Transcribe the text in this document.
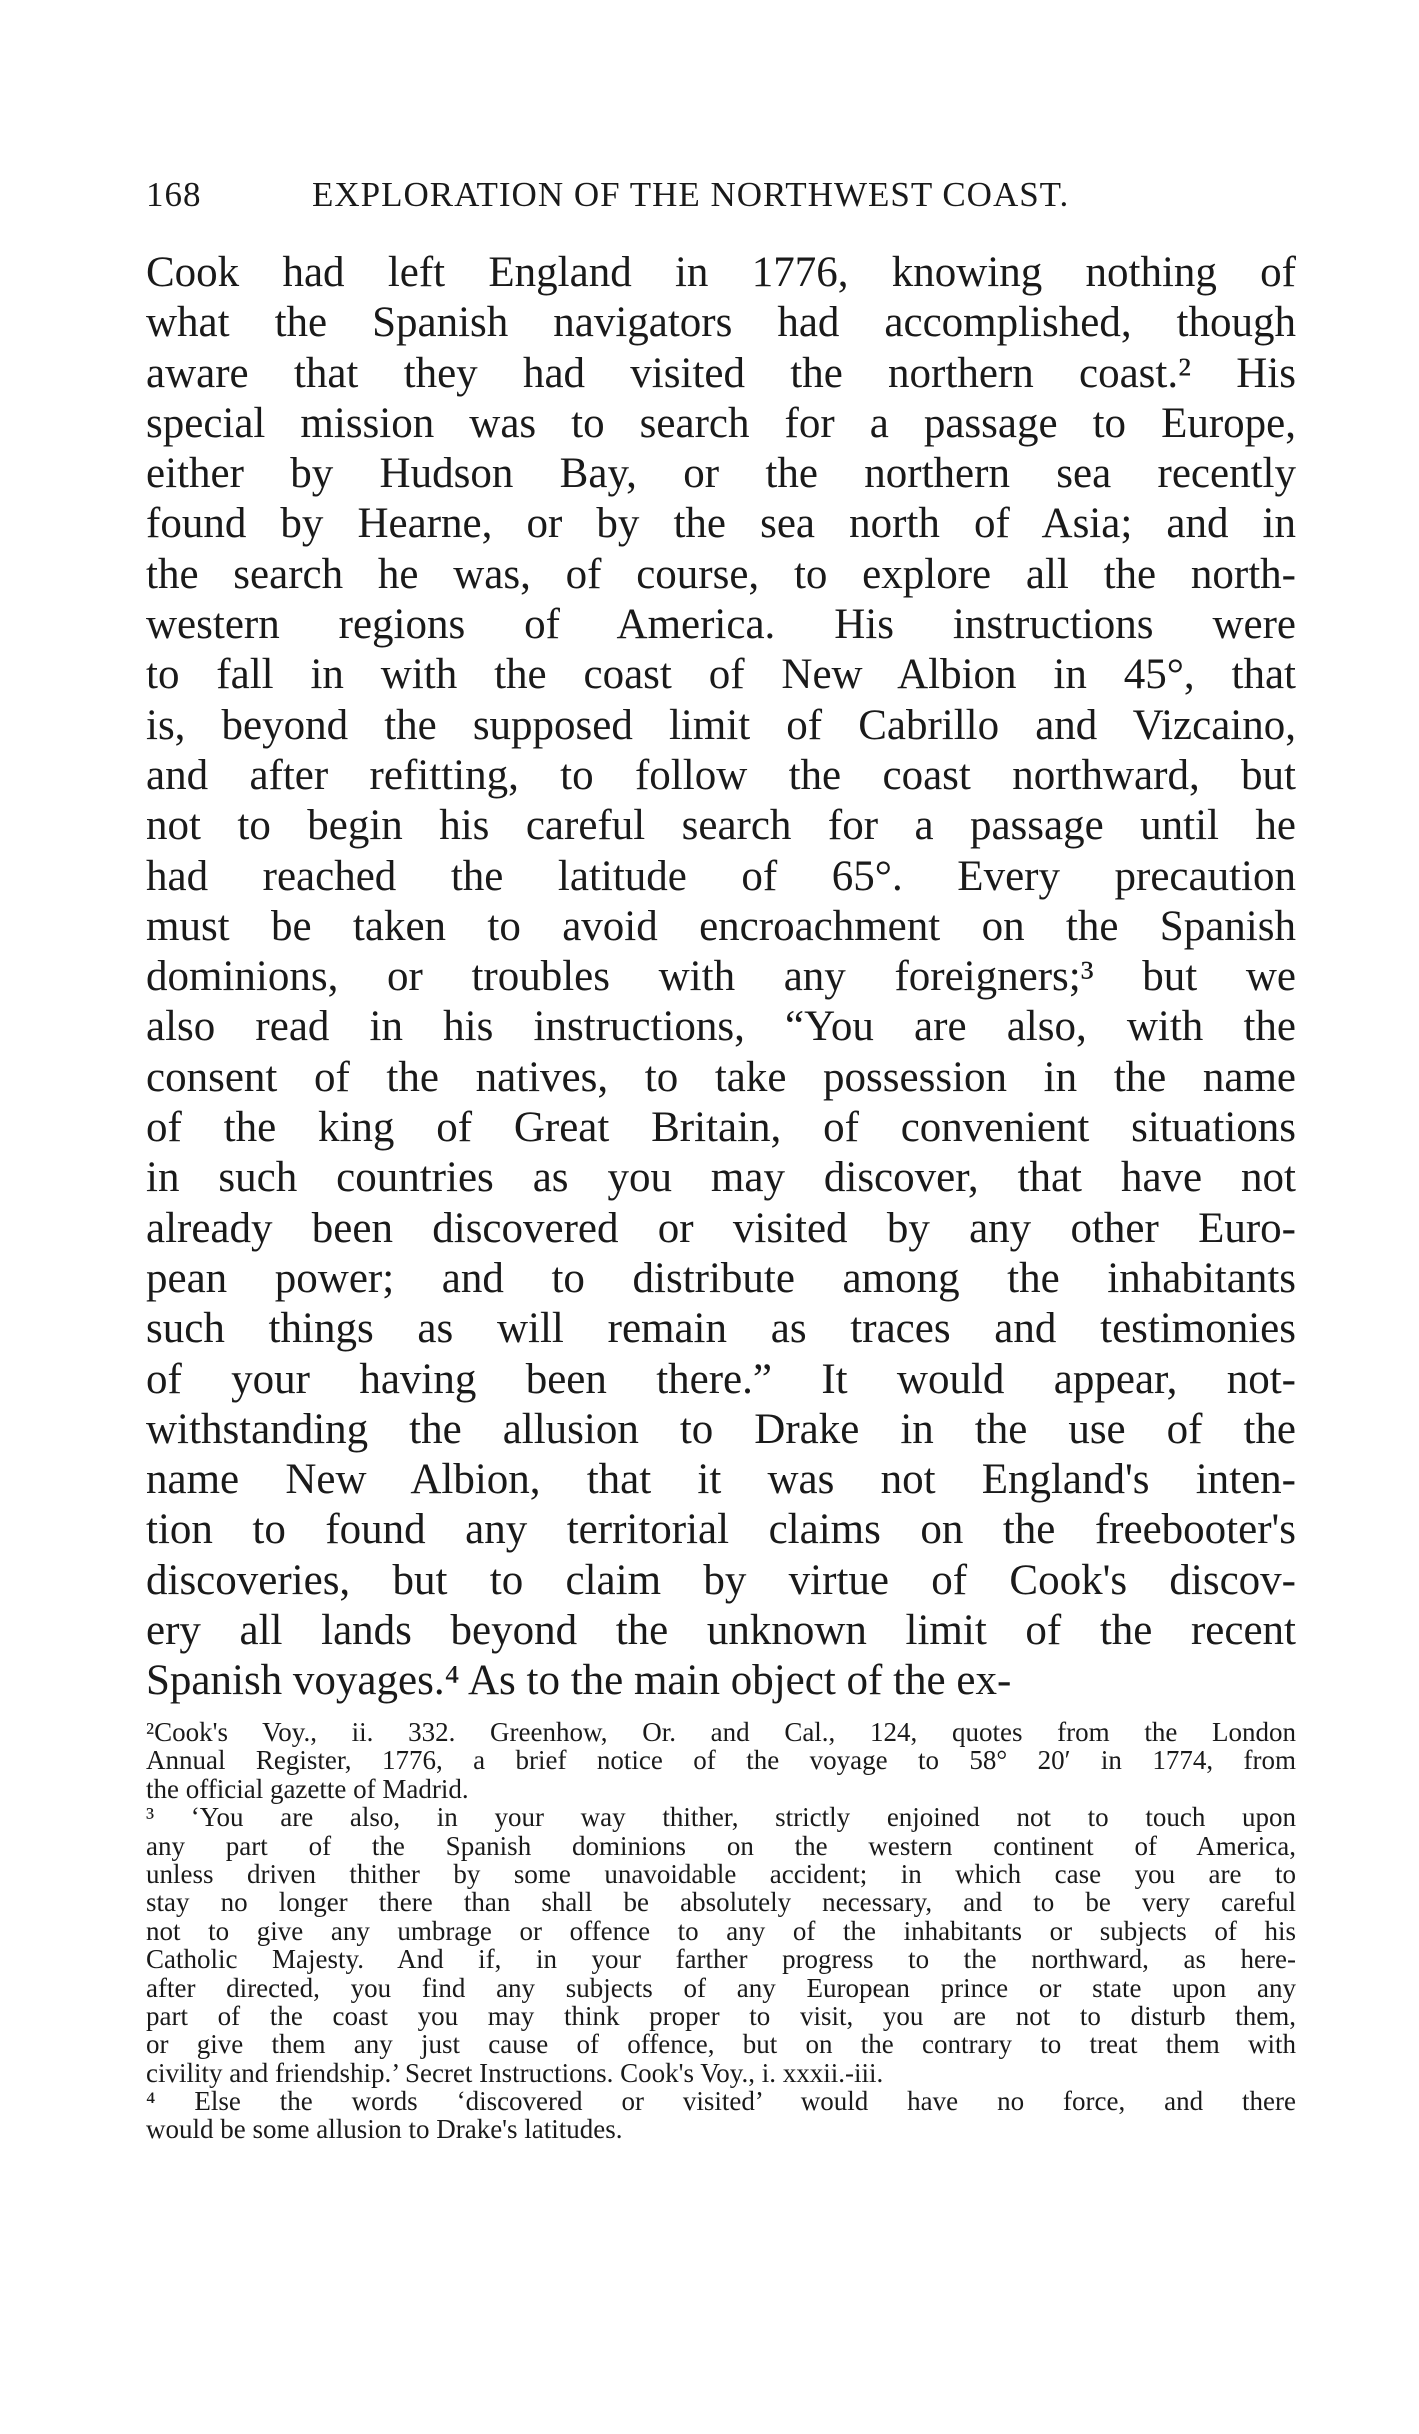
168	EXPLORATION OF THE NORTHWEST COAST.
Cook had left England in 1776, knowing nothing of
what the Spanish navigators had accomplished, though
aware that they had visited the northern coast.² His
special mission was to search for a passage to Europe,
either by Hudson Bay, or the northern sea recently
found by Hearne, or by the sea north of Asia; and in
the search he was, of course, to explore all the north-
western regions of America. His instructions were
to fall in with the coast of New Albion in 45°, that
is, beyond the supposed limit of Cabrillo and Vizcaino,
and after refitting, to follow the coast northward, but
not to begin his careful search for a passage until he
had reached the latitude of 65°. Every precaution
must be taken to avoid encroachment on the Spanish
dominions, or troubles with any foreigners;³ but we
also read in his instructions, “You are also, with the
consent of the natives, to take possession in the name
of the king of Great Britain, of convenient situations
in such countries as you may discover, that have not
already been discovered or visited by any other Euro-
pean power; and to distribute among the inhabitants
such things as will remain as traces and testimonies
of your having been there.” It would appear, not-
withstanding the allusion to Drake in the use of the
name New Albion, that it was not England's inten-
tion to found any territorial claims on the freebooter's
discoveries, but to claim by virtue of Cook's discov-
ery all lands beyond the unknown limit of the recent
Spanish voyages.⁴ As to the main object of the ex-
²Cook's Voy., ii. 332. Greenhow, Or. and Cal., 124, quotes from the London
Annual Register, 1776, a brief notice of the voyage to 58° 20′ in 1774, from
the official gazette of Madrid.
³ ‘You are also, in your way thither, strictly enjoined not to touch upon
any part of the Spanish dominions on the western continent of America,
unless driven thither by some unavoidable accident; in which case you are to
stay no longer there than shall be absolutely necessary, and to be very careful
not to give any umbrage or offence to any of the inhabitants or subjects of his
Catholic Majesty. And if, in your farther progress to the northward, as here-
after directed, you find any subjects of any European prince or state upon any
part of the coast you may think proper to visit, you are not to disturb them,
or give them any just cause of offence, but on the contrary to treat them with
civility and friendship.’ Secret Instructions. Cook's Voy., i. xxxii.-iii.
⁴ Else the words ‘discovered or visited’ would have no force, and there
would be some allusion to Drake's latitudes.
